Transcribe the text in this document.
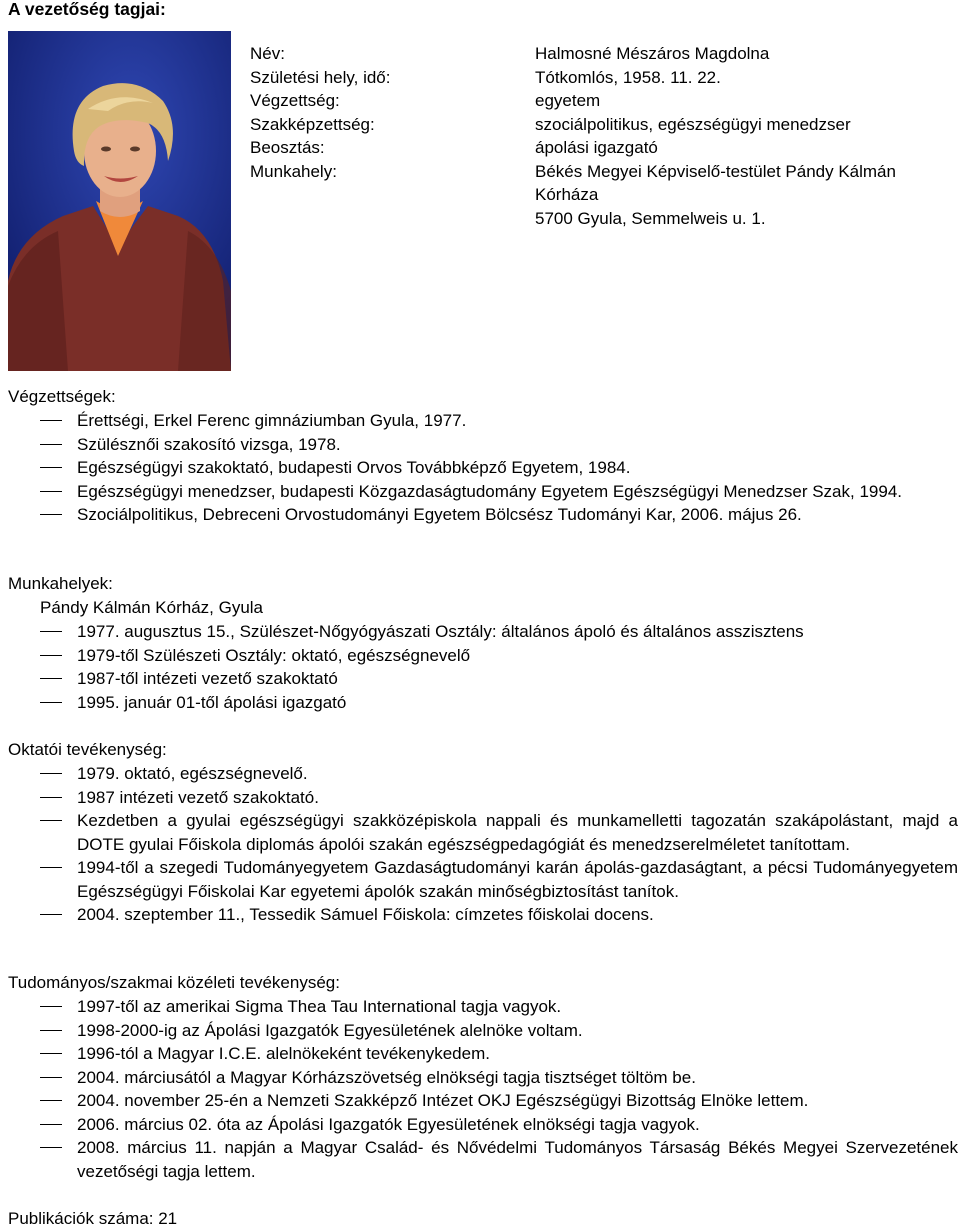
A vezetőség tagjai:
Név:	Halmosné Mészáros Magdolna
Születési hely, idő:	Tótkomlós, 1958. 11. 22.
Végzettség:	egyetem
Szakképzettség:	szociálpolitikus, egészségügyi menedzser
Beosztás:	ápolási igazgató
Munkahely:	Békés Megyei Képviselő-testület Pándy Kálmán Kórháza
5700 Gyula, Semmelweis u. 1.
Végzettségek:
Érettségi, Erkel Ferenc gimnáziumban Gyula, 1977.
Szülésznői szakosító vizsga, 1978.
Egészségügyi szakoktató, budapesti Orvos Továbbképző Egyetem, 1984.
Egészségügyi menedzser, budapesti Közgazdaságtudomány Egyetem Egészségügyi Menedzser Szak, 1994.
Szociálpolitikus, Debreceni Orvostudományi Egyetem Bölcsész Tudományi Kar, 2006. május 26.
Munkahelyek:
Pándy Kálmán Kórház, Gyula
1977. augusztus 15., Szülészet-Nőgyógyászati Osztály: általános ápoló és általános asszisztens
1979-től Szülészeti Osztály: oktató, egészségnevelő
1987-től intézeti vezető szakoktató
1995. január 01-től ápolási igazgató
Oktatói tevékenység:
1979. oktató, egészségnevelő.
1987 intézeti vezető szakoktató.
Kezdetben a gyulai egészségügyi szakközépiskola nappali és munkamelletti tagozatán szakápolástant, majd a DOTE gyulai Főiskola diplomás ápolói szakán egészségpedagógiát és menedzserelméletet tanítottam.
1994-től a szegedi Tudományegyetem Gazdaságtudományi karán ápolás-gazdaságtant, a pécsi Tudományegyetem Egészségügyi Főiskolai Kar egyetemi ápolók szakán minőségbiztosítást tanítok.
2004. szeptember 11., Tessedik Sámuel Főiskola: címzetes főiskolai docens.
Tudományos/szakmai közéleti tevékenység:
1997-től az amerikai Sigma Thea Tau International tagja vagyok.
1998-2000-ig az Ápolási Igazgatók Egyesületének alelnöke voltam.
1996-tól a Magyar I.C.E. alelnökeként tevékenykedem.
2004. márciusától a Magyar Kórházszövetség elnökségi tagja tisztséget töltöm be.
2004. november 25-én a Nemzeti Szakképző Intézet OKJ Egészségügyi Bizottság Elnöke lettem.
2006. március 02. óta az Ápolási Igazgatók Egyesületének elnökségi tagja vagyok.
2008. március 11. napján a Magyar Család- és Nővédelmi Tudományos Társaság Békés Megyei Szervezetének vezetőségi tagja lettem.
Publikációk száma: 21
